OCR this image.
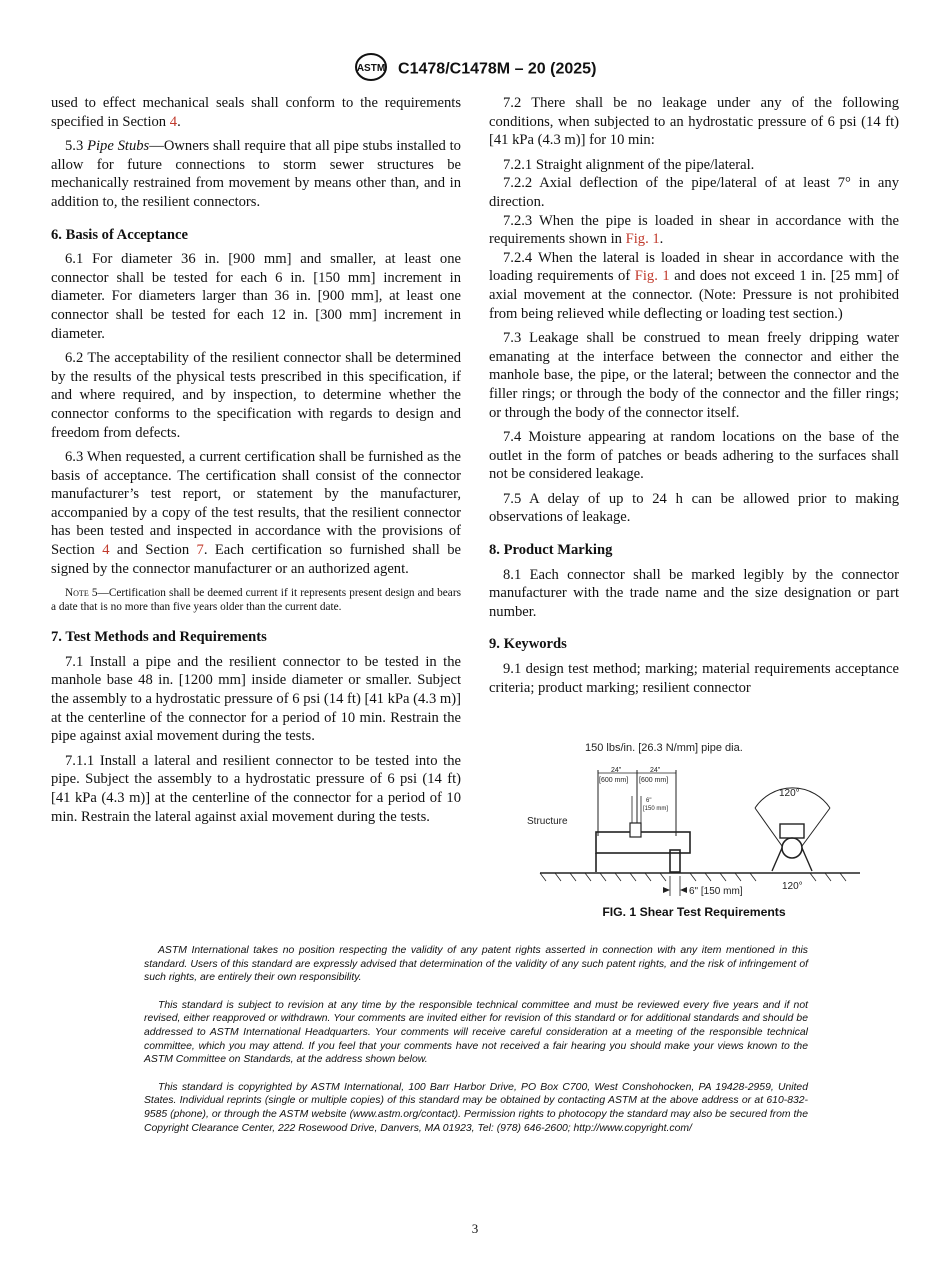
ASTM C1478/C1478M – 20 (2025)

used to effect mechanical seals shall conform to the requirements specified in Section 4.

5.3 Pipe Stubs—Owners shall require that all pipe stubs installed to allow for future connections to storm sewer structures be mechanically restrained from movement by means other than, and in addition to, the resilient connectors.

6. Basis of Acceptance

6.1 For diameter 36 in. [900 mm] and smaller, at least one connector shall be tested for each 6 in. [150 mm] increment in diameter. For diameters larger than 36 in. [900 mm], at least one connector shall be tested for each 12 in. [300 mm] increment in diameter.

6.2 The acceptability of the resilient connector shall be determined by the results of the physical tests prescribed in this specification, if and where required, and by inspection, to determine whether the connector conforms to the specification with regards to design and freedom from defects.

6.3 When requested, a current certification shall be furnished as the basis of acceptance. The certification shall consist of the connector manufacturer’s test report, or statement by the manufacturer, accompanied by a copy of the test results, that the resilient connector has been tested and inspected in accordance with the provisions of Section 4 and Section 7. Each certification so furnished shall be signed by the connector manufacturer or an authorized agent.

Note 5—Certification shall be deemed current if it represents present design and bears a date that is no more than five years older than the current date.
7. Test Methods and Requirements

7.1 Install a pipe and the resilient connector to be tested in the manhole base 48 in. [1200 mm] inside diameter or smaller. Subject the assembly to a hydrostatic pressure of 6 psi (14 ft) [41 kPa (4.3 m)] at the centerline of the connector for a period of 10 min. Restrain the pipe against axial movement during the tests.

7.1.1 Install a lateral and resilient connector to be tested into the pipe. Subject the assembly to a hydrostatic pressure of 6 psi (14 ft) [41 kPa (4.3 m)] at the centerline of the connector for a period of 10 min. Restrain the lateral against axial movement during the tests.

7.2 There shall be no leakage under any of the following conditions, when subjected to an hydrostatic pressure of 6 psi (14 ft) [41 kPa (4.3 m)] for 10 min:

7.2.1 Straight alignment of the pipe/lateral.

7.2.2 Axial deflection of the pipe/lateral of at least 7° in any direction.

7.2.3 When the pipe is loaded in shear in accordance with the requirements shown in Fig. 1.

7.2.4 When the lateral is loaded in shear in accordance with the loading requirements of Fig. 1 and does not exceed 1 in. [25 mm] of axial movement at the connector. (Note: Pressure is not prohibited from being relieved while deflecting or loading test section.)

7.3 Leakage shall be construed to mean freely dripping water emanating at the interface between the connector and either the manhole base, the pipe, or the lateral; between the connector and the filler rings; or through the body of the connector and the filler rings; or through the body of the connector itself.

7.4 Moisture appearing at random locations on the base of the outlet in the form of patches or beads adhering to the surfaces shall not be considered leakage.

7.5 A delay of up to 24 h can be allowed prior to making observations of leakage.

8. Product Marking

8.1 Each connector shall be marked legibly by the connector manufacturer with the trade name and the size designation or part number.

9. Keywords

9.1 design test method; marking; material requirements acceptance criteria; product marking; resilient connector

150 lbs/in. [26.3 N/mm] pipe dia.
24"
[600 mm]
24"
[600 mm]
6"
[150 mm]
Structure
120°
120°
6" [150 mm]
FIG. 1 Shear Test Requirements

ASTM International takes no position respecting the validity of any patent rights asserted in connection with any item mentioned in this standard. Users of this standard are expressly advised that determination of the validity of any such patent rights, and the risk of infringement of such rights, are entirely their own responsibility.

This standard is subject to revision at any time by the responsible technical committee and must be reviewed every five years and if not revised, either reapproved or withdrawn. Your comments are invited either for revision of this standard or for additional standards and should be addressed to ASTM International Headquarters. Your comments will receive careful consideration at a meeting of the responsible technical committee, which you may attend. If you feel that your comments have not received a fair hearing you should make your views known to the ASTM Committee on Standards, at the address shown below.

This standard is copyrighted by ASTM International, 100 Barr Harbor Drive, PO Box C700, West Conshohocken, PA 19428-2959, United States. Individual reprints (single or multiple copies) of this standard may be obtained by contacting ASTM at the above address or at 610-832-9585 (phone), or through the ASTM website (www.astm.org/contact). Permission rights to photocopy the standard may also be secured from the Copyright Clearance Center, 222 Rosewood Drive, Danvers, MA 01923, Tel: (978) 646-2600; http://www.copyright.com/

3
